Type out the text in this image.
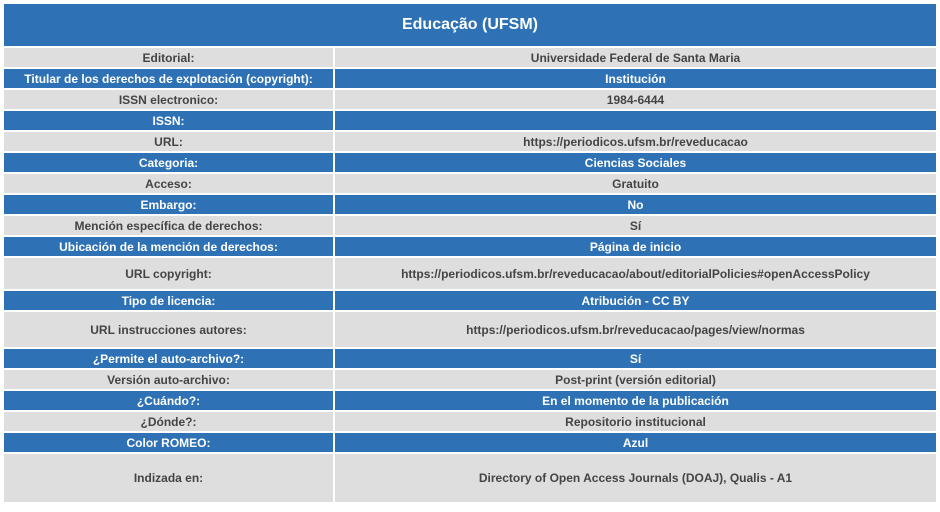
Educação (UFSM)	
Editorial:	Universidade Federal de Santa Maria
Titular de los derechos de explotación (copyright):	Institución
ISSN electronico:	1984-6444
ISSN:	
URL:	https://periodicos.ufsm.br/reveducacao
Categoria:	Ciencias Sociales
Acceso:	Gratuito
Embargo:	No
Mención específica de derechos:	Sí
Ubicación de la mención de derechos:	Página de inicio
URL copyright:	https://periodicos.ufsm.br/reveducacao/about/editorialPolicies#openAccessPolicy
Tipo de licencia:	Atribución - CC BY
URL instrucciones autores:	https://periodicos.ufsm.br/reveducacao/pages/view/normas
¿Permite el auto-archivo?:	Sí
Versión auto-archivo:	Post-print (versión editorial)
¿Cuándo?:	En el momento de la publicación
¿Dónde?:	Repositorio institucional
Color ROMEO:	Azul
Indizada en:	Directory of Open Access Journals (DOAJ), Qualis - A1
